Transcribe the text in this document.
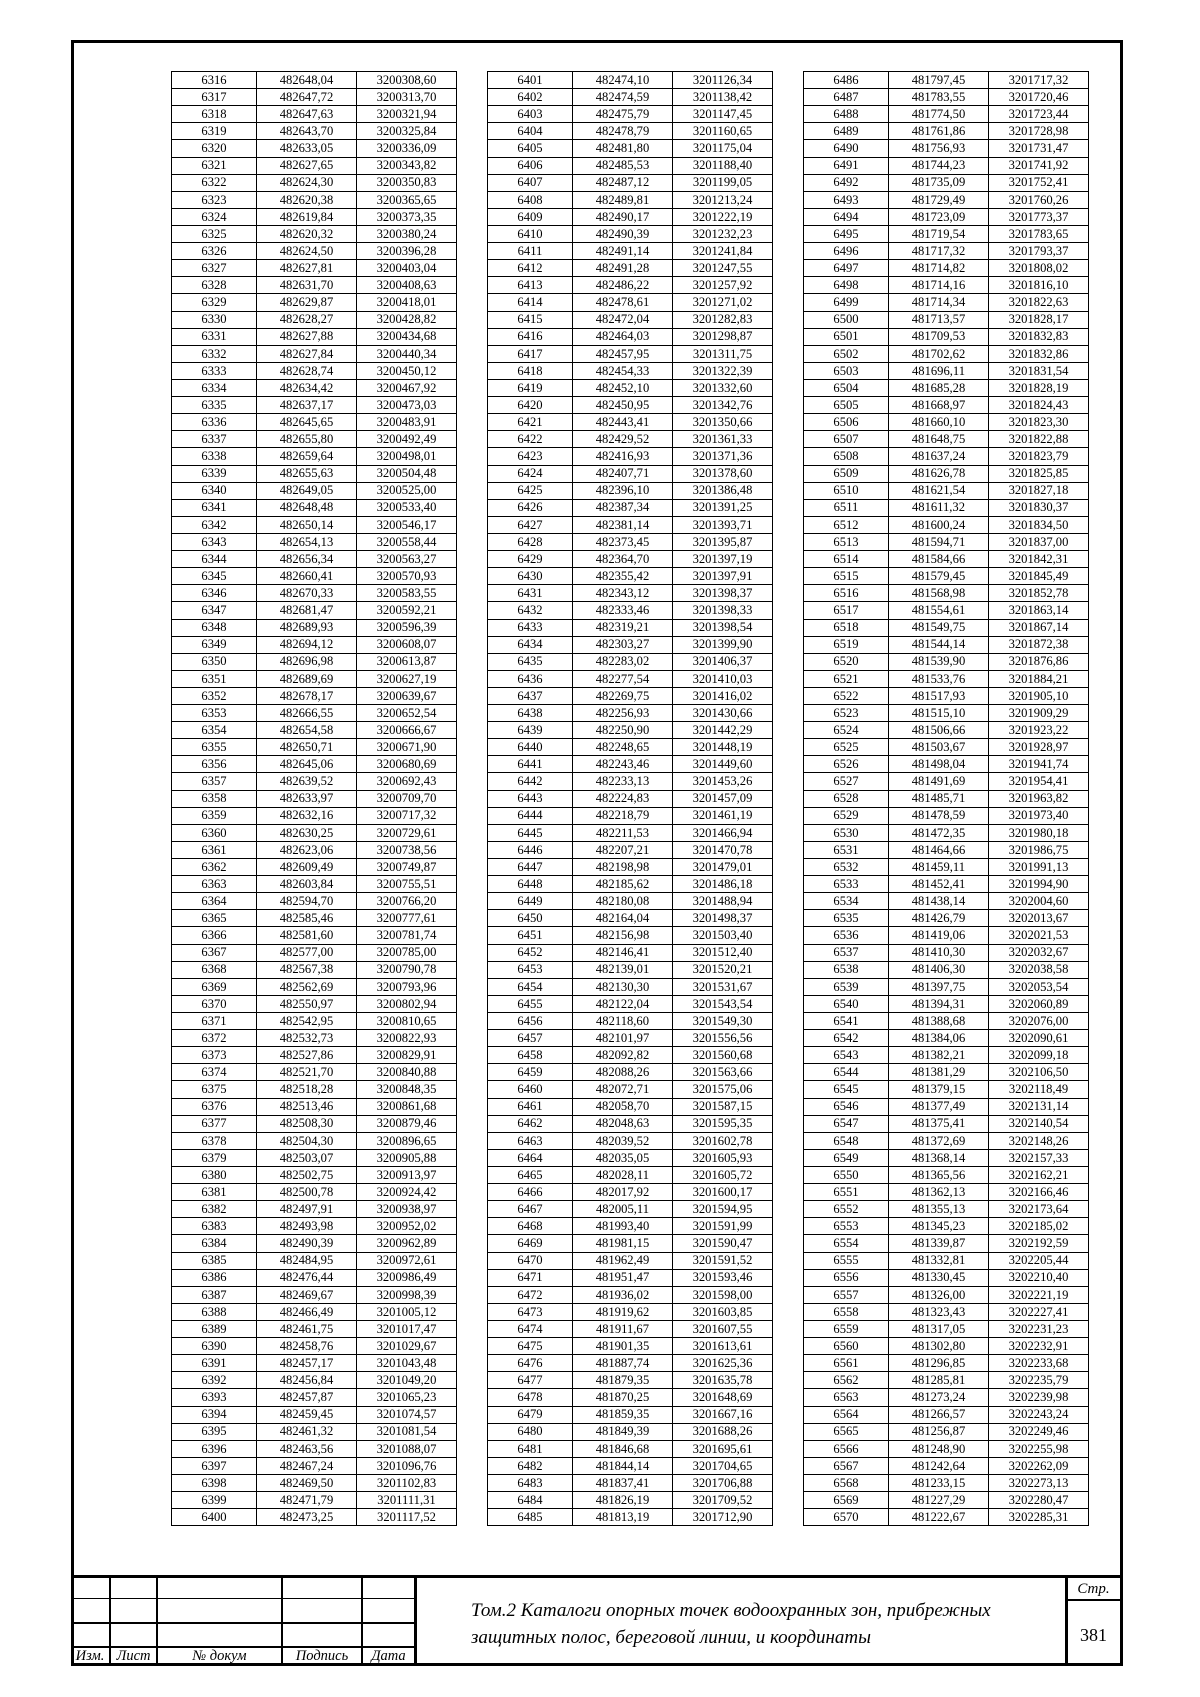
6316	482648,04	3200308,60
6317	482647,72	3200313,70
6318	482647,63	3200321,94
6319	482643,70	3200325,84
6320	482633,05	3200336,09
6321	482627,65	3200343,82
6322	482624,30	3200350,83
6323	482620,38	3200365,65
6324	482619,84	3200373,35
6325	482620,32	3200380,24
6326	482624,50	3200396,28
6327	482627,81	3200403,04
6328	482631,70	3200408,63
6329	482629,87	3200418,01
6330	482628,27	3200428,82
6331	482627,88	3200434,68
6332	482627,84	3200440,34
6333	482628,74	3200450,12
6334	482634,42	3200467,92
6335	482637,17	3200473,03
6336	482645,65	3200483,91
6337	482655,80	3200492,49
6338	482659,64	3200498,01
6339	482655,63	3200504,48
6340	482649,05	3200525,00
6341	482648,48	3200533,40
6342	482650,14	3200546,17
6343	482654,13	3200558,44
6344	482656,34	3200563,27
6345	482660,41	3200570,93
6346	482670,33	3200583,55
6347	482681,47	3200592,21
6348	482689,93	3200596,39
6349	482694,12	3200608,07
6350	482696,98	3200613,87
6351	482689,69	3200627,19
6352	482678,17	3200639,67
6353	482666,55	3200652,54
6354	482654,58	3200666,67
6355	482650,71	3200671,90
6356	482645,06	3200680,69
6357	482639,52	3200692,43
6358	482633,97	3200709,70
6359	482632,16	3200717,32
6360	482630,25	3200729,61
6361	482623,06	3200738,56
6362	482609,49	3200749,87
6363	482603,84	3200755,51
6364	482594,70	3200766,20
6365	482585,46	3200777,61
6366	482581,60	3200781,74
6367	482577,00	3200785,00
6368	482567,38	3200790,78
6369	482562,69	3200793,96
6370	482550,97	3200802,94
6371	482542,95	3200810,65
6372	482532,73	3200822,93
6373	482527,86	3200829,91
6374	482521,70	3200840,88
6375	482518,28	3200848,35
6376	482513,46	3200861,68
6377	482508,30	3200879,46
6378	482504,30	3200896,65
6379	482503,07	3200905,88
6380	482502,75	3200913,97
6381	482500,78	3200924,42
6382	482497,91	3200938,97
6383	482493,98	3200952,02
6384	482490,39	3200962,89
6385	482484,95	3200972,61
6386	482476,44	3200986,49
6387	482469,67	3200998,39
6388	482466,49	3201005,12
6389	482461,75	3201017,47
6390	482458,76	3201029,67
6391	482457,17	3201043,48
6392	482456,84	3201049,20
6393	482457,87	3201065,23
6394	482459,45	3201074,57
6395	482461,32	3201081,54
6396	482463,56	3201088,07
6397	482467,24	3201096,76
6398	482469,50	3201102,83
6399	482471,79	3201111,31
6400	482473,25	3201117,52
6401	482474,10	3201126,34
6402	482474,59	3201138,42
6403	482475,79	3201147,45
6404	482478,79	3201160,65
6405	482481,80	3201175,04
6406	482485,53	3201188,40
6407	482487,12	3201199,05
6408	482489,81	3201213,24
6409	482490,17	3201222,19
6410	482490,39	3201232,23
6411	482491,14	3201241,84
6412	482491,28	3201247,55
6413	482486,22	3201257,92
6414	482478,61	3201271,02
6415	482472,04	3201282,83
6416	482464,03	3201298,87
6417	482457,95	3201311,75
6418	482454,33	3201322,39
6419	482452,10	3201332,60
6420	482450,95	3201342,76
6421	482443,41	3201350,66
6422	482429,52	3201361,33
6423	482416,93	3201371,36
6424	482407,71	3201378,60
6425	482396,10	3201386,48
6426	482387,34	3201391,25
6427	482381,14	3201393,71
6428	482373,45	3201395,87
6429	482364,70	3201397,19
6430	482355,42	3201397,91
6431	482343,12	3201398,37
6432	482333,46	3201398,33
6433	482319,21	3201398,54
6434	482303,27	3201399,90
6435	482283,02	3201406,37
6436	482277,54	3201410,03
6437	482269,75	3201416,02
6438	482256,93	3201430,66
6439	482250,90	3201442,29
6440	482248,65	3201448,19
6441	482243,46	3201449,60
6442	482233,13	3201453,26
6443	482224,83	3201457,09
6444	482218,79	3201461,19
6445	482211,53	3201466,94
6446	482207,21	3201470,78
6447	482198,98	3201479,01
6448	482185,62	3201486,18
6449	482180,08	3201488,94
6450	482164,04	3201498,37
6451	482156,98	3201503,40
6452	482146,41	3201512,40
6453	482139,01	3201520,21
6454	482130,30	3201531,67
6455	482122,04	3201543,54
6456	482118,60	3201549,30
6457	482101,97	3201556,56
6458	482092,82	3201560,68
6459	482088,26	3201563,66
6460	482072,71	3201575,06
6461	482058,70	3201587,15
6462	482048,63	3201595,35
6463	482039,52	3201602,78
6464	482035,05	3201605,93
6465	482028,11	3201605,72
6466	482017,92	3201600,17
6467	482005,11	3201594,95
6468	481993,40	3201591,99
6469	481981,15	3201590,47
6470	481962,49	3201591,52
6471	481951,47	3201593,46
6472	481936,02	3201598,00
6473	481919,62	3201603,85
6474	481911,67	3201607,55
6475	481901,35	3201613,61
6476	481887,74	3201625,36
6477	481879,35	3201635,78
6478	481870,25	3201648,69
6479	481859,35	3201667,16
6480	481849,39	3201688,26
6481	481846,68	3201695,61
6482	481844,14	3201704,65
6483	481837,41	3201706,88
6484	481826,19	3201709,52
6485	481813,19	3201712,90
6486	481797,45	3201717,32
6487	481783,55	3201720,46
6488	481774,50	3201723,44
6489	481761,86	3201728,98
6490	481756,93	3201731,47
6491	481744,23	3201741,92
6492	481735,09	3201752,41
6493	481729,49	3201760,26
6494	481723,09	3201773,37
6495	481719,54	3201783,65
6496	481717,32	3201793,37
6497	481714,82	3201808,02
6498	481714,16	3201816,10
6499	481714,34	3201822,63
6500	481713,57	3201828,17
6501	481709,53	3201832,83
6502	481702,62	3201832,86
6503	481696,11	3201831,54
6504	481685,28	3201828,19
6505	481668,97	3201824,43
6506	481660,10	3201823,30
6507	481648,75	3201822,88
6508	481637,24	3201823,79
6509	481626,78	3201825,85
6510	481621,54	3201827,18
6511	481611,32	3201830,37
6512	481600,24	3201834,50
6513	481594,71	3201837,00
6514	481584,66	3201842,31
6515	481579,45	3201845,49
6516	481568,98	3201852,78
6517	481554,61	3201863,14
6518	481549,75	3201867,14
6519	481544,14	3201872,38
6520	481539,90	3201876,86
6521	481533,76	3201884,21
6522	481517,93	3201905,10
6523	481515,10	3201909,29
6524	481506,66	3201923,22
6525	481503,67	3201928,97
6526	481498,04	3201941,74
6527	481491,69	3201954,41
6528	481485,71	3201963,82
6529	481478,59	3201973,40
6530	481472,35	3201980,18
6531	481464,66	3201986,75
6532	481459,11	3201991,13
6533	481452,41	3201994,90
6534	481438,14	3202004,60
6535	481426,79	3202013,67
6536	481419,06	3202021,53
6537	481410,30	3202032,67
6538	481406,30	3202038,58
6539	481397,75	3202053,54
6540	481394,31	3202060,89
6541	481388,68	3202076,00
6542	481384,06	3202090,61
6543	481382,21	3202099,18
6544	481381,29	3202106,50
6545	481379,15	3202118,49
6546	481377,49	3202131,14
6547	481375,41	3202140,54
6548	481372,69	3202148,26
6549	481368,14	3202157,33
6550	481365,56	3202162,21
6551	481362,13	3202166,46
6552	481355,13	3202173,64
6553	481345,23	3202185,02
6554	481339,87	3202192,59
6555	481332,81	3202205,44
6556	481330,45	3202210,40
6557	481326,00	3202221,19
6558	481323,43	3202227,41
6559	481317,05	3202231,23
6560	481302,80	3202232,91
6561	481296,85	3202233,68
6562	481285,81	3202235,79
6563	481273,24	3202239,98
6564	481266,57	3202243,24
6565	481256,87	3202249,46
6566	481248,90	3202255,98
6567	481242,64	3202262,09
6568	481233,15	3202273,13
6569	481227,29	3202280,47
6570	481222,67	3202285,31
Изм. Лист	№ докум	Подпись	Дата
Том.2 Каталоги опорных точек водоохранных зон, прибрежных защитных полос, береговой линии, и координаты
Стр.
381
